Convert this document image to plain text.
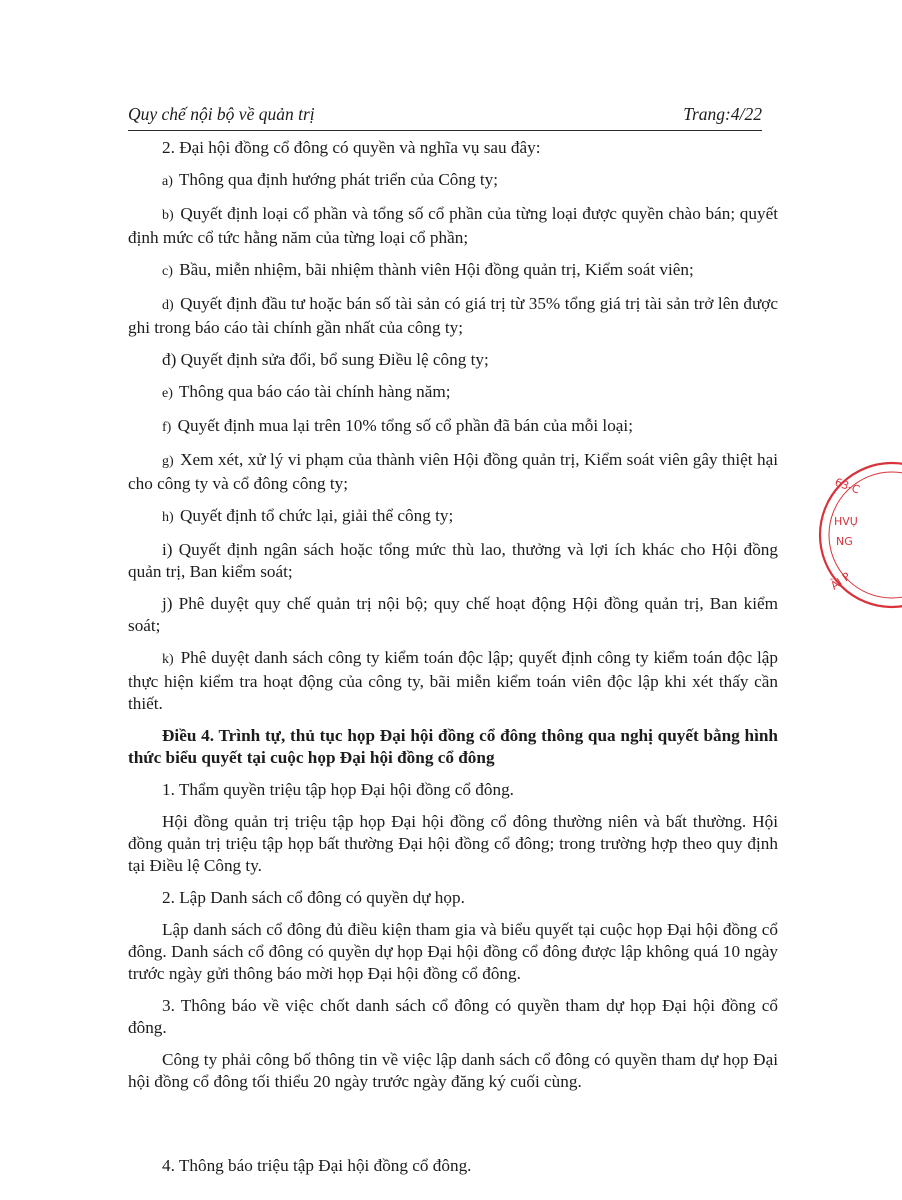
Quy chế nội bộ về quản trị	Trang:4/22

2. Đại hội đồng cổ đông có quyền và nghĩa vụ sau đây:

a) Thông qua định hướng phát triển của Công ty;

b) Quyết định loại cổ phần và tổng số cổ phần của từng loại được quyền chào bán; quyết định mức cổ tức hằng năm của từng loại cổ phần;

c) Bầu, miễn nhiệm, bãi nhiệm thành viên Hội đồng quản trị, Kiểm soát viên;

d) Quyết định đầu tư hoặc bán số tài sản có giá trị từ 35% tổng giá trị tài sản trở lên được ghi trong báo cáo tài chính gần nhất của công ty;

đ) Quyết định sửa đổi, bổ sung Điều lệ công ty;

e) Thông qua báo cáo tài chính hàng năm;

f) Quyết định mua lại trên 10% tổng số cổ phần đã bán của mỗi loại;

g) Xem xét, xử lý vi phạm của thành viên Hội đồng quản trị, Kiểm soát viên gây thiệt hại cho công ty và cổ đông công ty;

h) Quyết định tổ chức lại, giải thể công ty;

i) Quyết định ngân sách hoặc tổng mức thù lao, thưởng và lợi ích khác cho Hội đồng quản trị, Ban kiểm soát;

j) Phê duyệt quy chế quản trị nội bộ; quy chế hoạt động Hội đồng quản trị, Ban kiểm soát;

k) Phê duyệt danh sách công ty kiểm toán độc lập; quyết định công ty kiểm toán độc lập thực hiện kiểm tra hoạt động của công ty, bãi miễn kiểm toán viên độc lập khi xét thấy cần thiết.

Điều 4. Trình tự, thủ tục họp Đại hội đồng cổ đông thông qua nghị quyết bằng hình thức biểu quyết tại cuộc họp Đại hội đồng cổ đông

1. Thẩm quyền triệu tập họp Đại hội đồng cổ đông.

Hội đồng quản trị triệu tập họp Đại hội đồng cổ đông thường niên và bất thường. Hội đồng quản trị triệu tập họp bất thường Đại hội đồng cổ đông; trong trường hợp theo quy định tại Điều lệ Công ty.

2. Lập Danh sách cổ đông có quyền dự họp.

Lập danh sách cổ đông đủ điều kiện tham gia và biểu quyết tại cuộc họp Đại hội đồng cổ đông. Danh sách cổ đông có quyền dự họp Đại hội đồng cổ đông được lập không quá 10 ngày trước ngày gửi thông báo mời họp Đại hội đồng cổ đông.

3. Thông báo về việc chốt danh sách cổ đông có quyền tham dự họp Đại hội đồng cổ đông.

Công ty phải công bố thông tin về việc lập danh sách cổ đông có quyền tham dự họp Đại hội đồng cổ đông tối thiểu 20 ngày trước ngày đăng ký cuối cùng.

4. Thông báo triệu tập Đại hội đồng cổ đông.

63-C
HVỤ
NG
ẢI P
